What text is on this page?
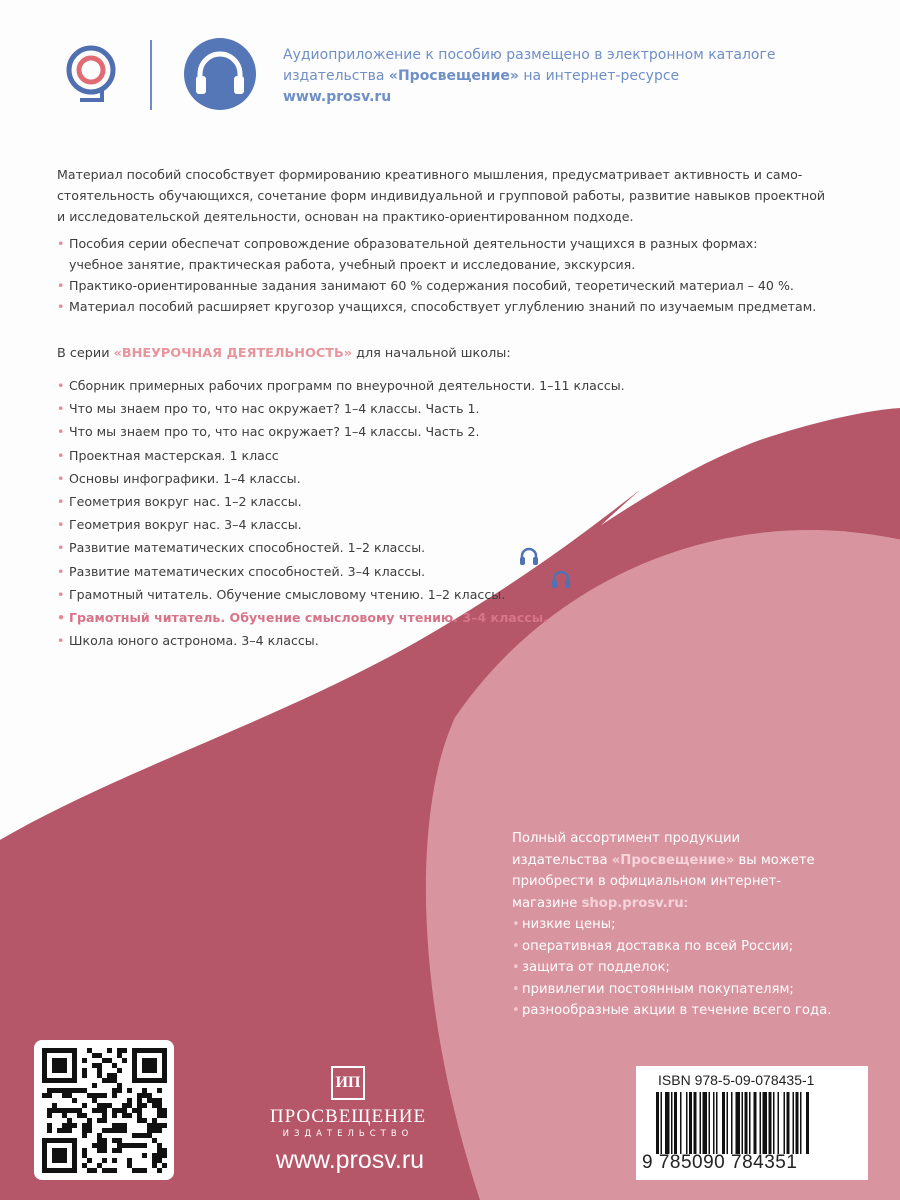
Аудиоприложение к пособию размещено в электронном каталоге
издательства «Просвещение» на интернет-ресурсе
www.prosv.ru
Материал пособий способствует формированию креативного мышления, предусматривает активность и само-
стоятельность обучающихся, сочетание форм индивидуальной и групповой работы, развитие навыков проектной
и исследовательской деятельности, основан на практико-ориентированном подходе.
• Пособия серии обеспечат сопровождение образовательной деятельности учащихся в разных формах:
учебное занятие, практическая работа, учебный проект и исследование, экскурсия.
• Практико-ориентированные задания занимают 60 % содержания пособий, теоретический материал – 40 %.
• Материал пособий расширяет кругозор учащихся, способствует углублению знаний по изучаемым предметам.
В серии «ВНЕУРОЧНАЯ ДЕЯТЕЛЬНОСТЬ» для начальной школы:
• Сборник примерных рабочих программ по внеурочной деятельности. 1–11 классы.
• Что мы знаем про то, что нас окружает? 1–4 классы. Часть 1.
• Что мы знаем про то, что нас окружает? 1–4 классы. Часть 2.
• Проектная мастерская. 1 класс
• Основы инфографики. 1–4 классы.
• Геометрия вокруг нас. 1–2 классы.
• Геометрия вокруг нас. 3–4 классы.
• Развитие математических способностей. 1–2 классы.
• Развитие математических способностей. 3–4 классы.
• Грамотный читатель. Обучение смысловому чтению. 1–2 классы.
• Грамотный читатель. Обучение смысловому чтению. 3–4 классы.
• Школа юного астронома. 3–4 классы.
Полный ассортимент продукции
издательства «Просвещение» вы можете
приобрести в официальном интернет-
магазине shop.prosv.ru:
• низкие цены;
• оперативная доставка по всей России;
• защита от подделок;
• привилегии постоянным покупателям;
• разнообразные акции в течение всего года.
ИП
ПРОСВЕЩЕНИЕ
ИЗДАТЕЛЬСТВО
www.prosv.ru
ISBN 978-5-09-078435-1
9 785090 784351
